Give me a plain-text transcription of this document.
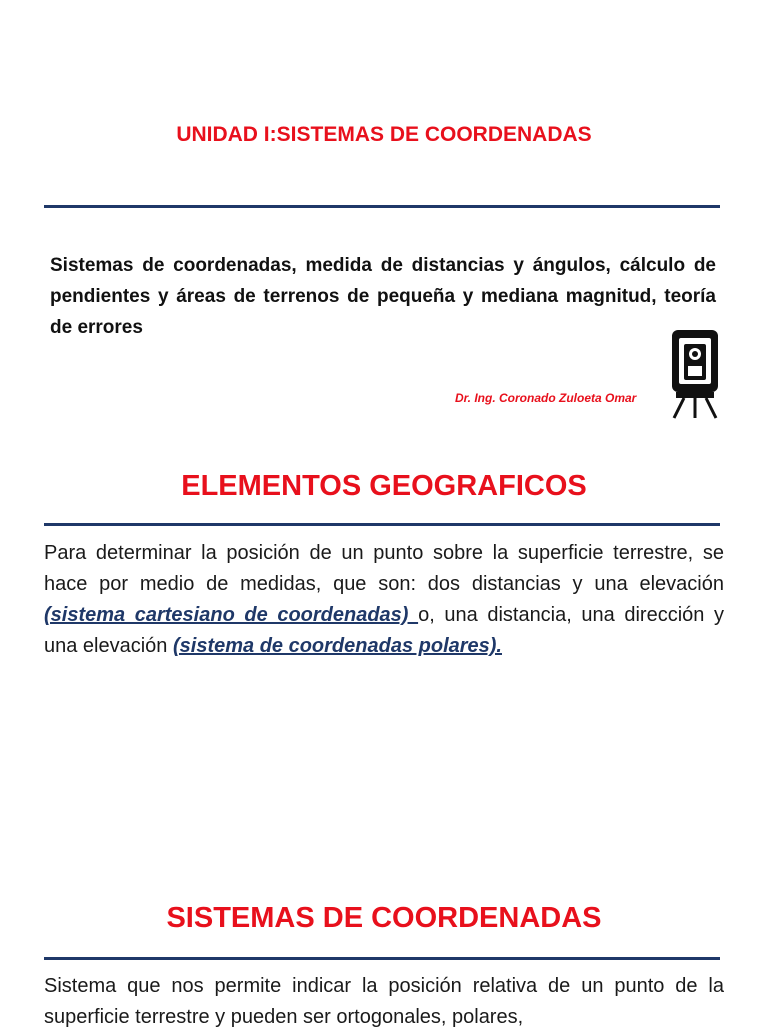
UNIDAD I:SISTEMAS DE COORDENADAS
Sistemas de coordenadas, medida de distancias y ángulos, cálculo de pendientes y áreas de terrenos de pequeña y mediana magnitud, teoría de errores
Dr. Ing. Coronado Zuloeta Omar
ELEMENTOS GEOGRAFICOS
Para determinar la posición de un punto sobre la superficie terrestre, se hace por medio de medidas, que son: dos distancias y una elevación (sistema cartesiano de coordenadas) o, una distancia, una dirección y una elevación (sistema de coordenadas polares).
SISTEMAS DE COORDENADAS
Sistema que nos permite indicar la posición relativa de un punto de la superficie terrestre y pueden ser ortogonales, polares,
